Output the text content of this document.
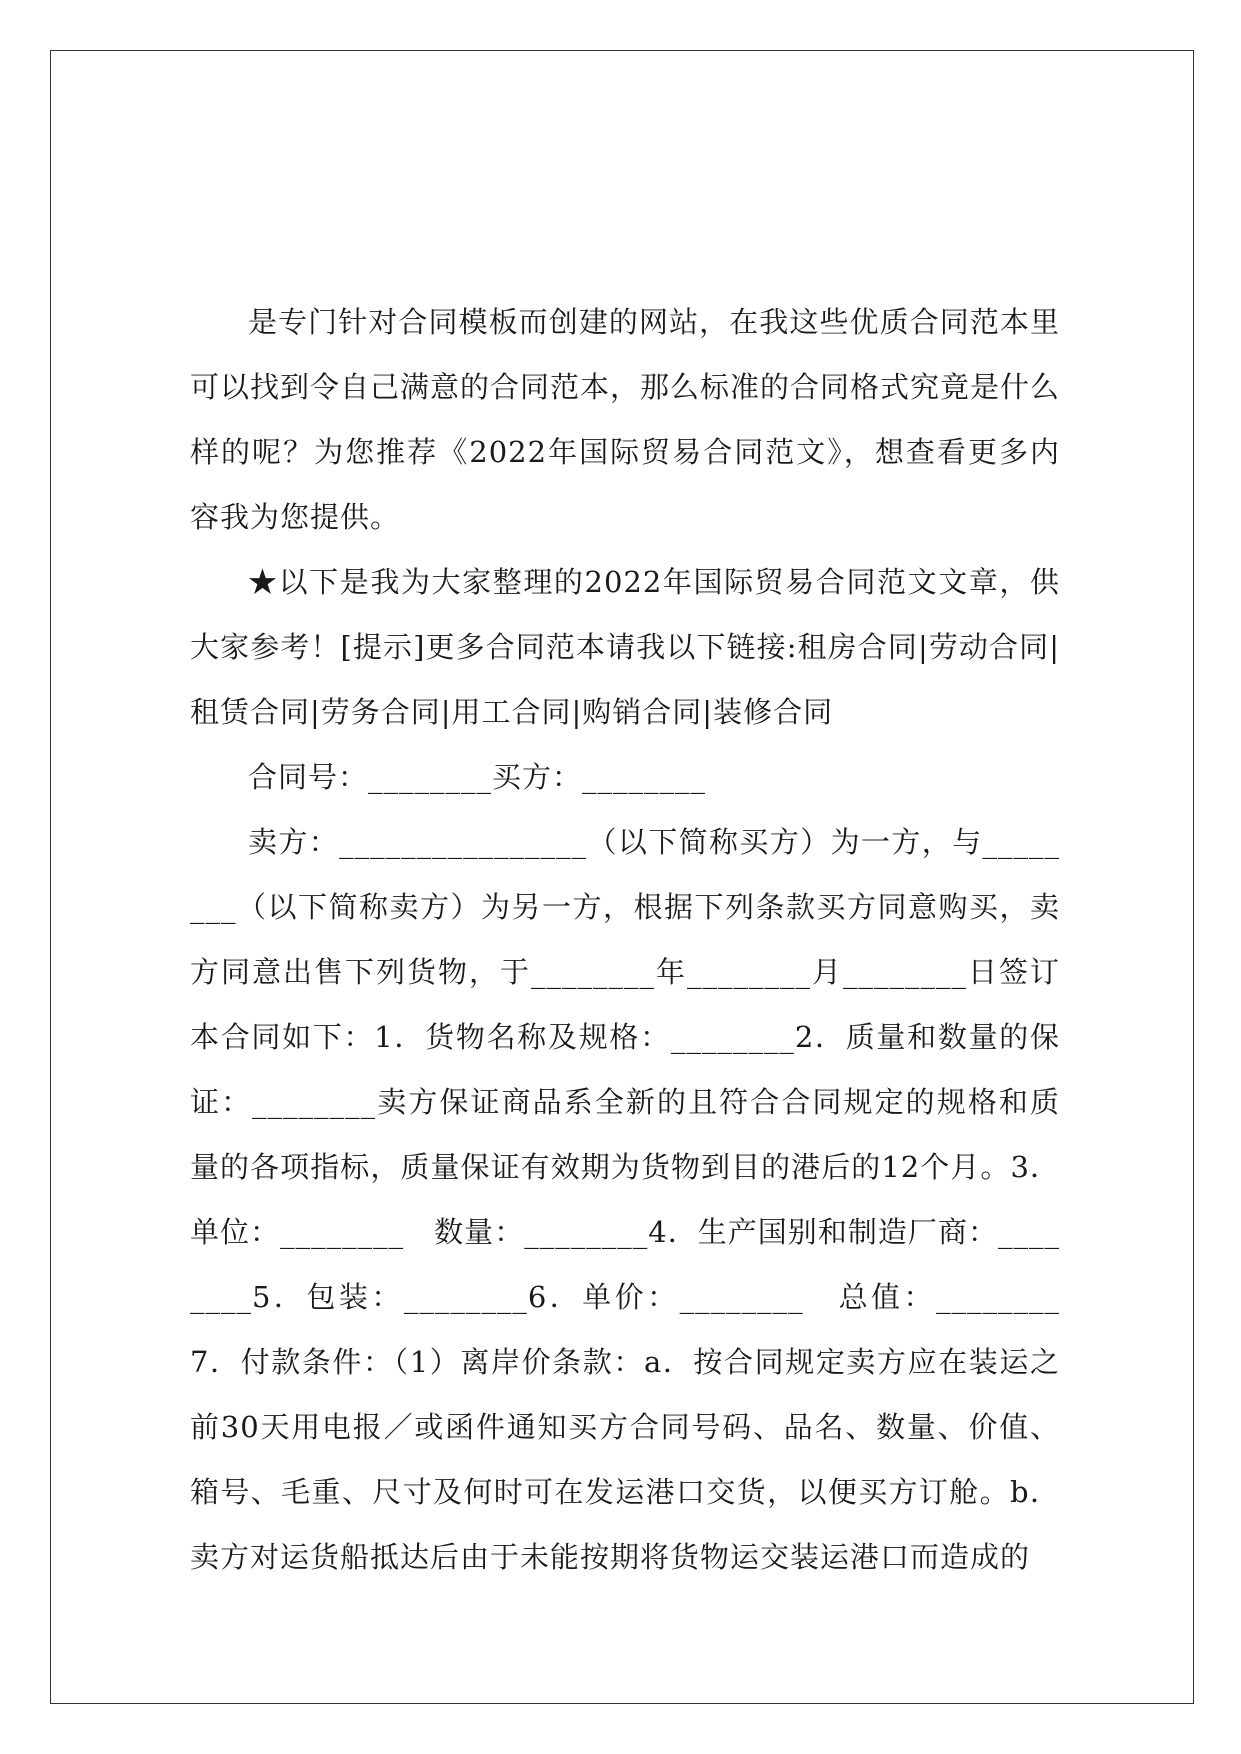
是专门针对合同模板而创建的网站，在我这些优质合同范本里可以找到令自己满意的合同范本，那么标准的合同格式究竟是什么样的呢？为您推荐《2022年国际贸易合同范文》，想查看更多内容我为您提供。

★以下是我为大家整理的2022年国际贸易合同范文文章，供大家参考！[提示]更多合同范本请我以下链接:租房合同|劳动合同|租赁合同|劳务合同|用工合同|购销合同|装修合同

合同号：________买方：________

卖方：________________（以下简称买方）为一方，与________（以下简称卖方）为另一方，根据下列条款买方同意购买，卖方同意出售下列货物，于________年________月________日签订本合同如下：1．货物名称及规格：________2．质量和数量的保证：________卖方保证商品系全新的且符合合同规定的规格和质量的各项指标，质量保证有效期为货物到目的港后的12个月。3．单位：________　数量：________4．生产国别和制造厂商：________5．包装：________6．单价：________　总值：________7．付款条件：（1）离岸价条款：a．按合同规定卖方应在装运之前30天用电报／或函件通知买方合同号码、品名、数量、价值、箱号、毛重、尺寸及何时可在发运港口交货，以便买方订舱。b．卖方对运货船抵达后由于未能按期将货物运交装运港口而造成的
